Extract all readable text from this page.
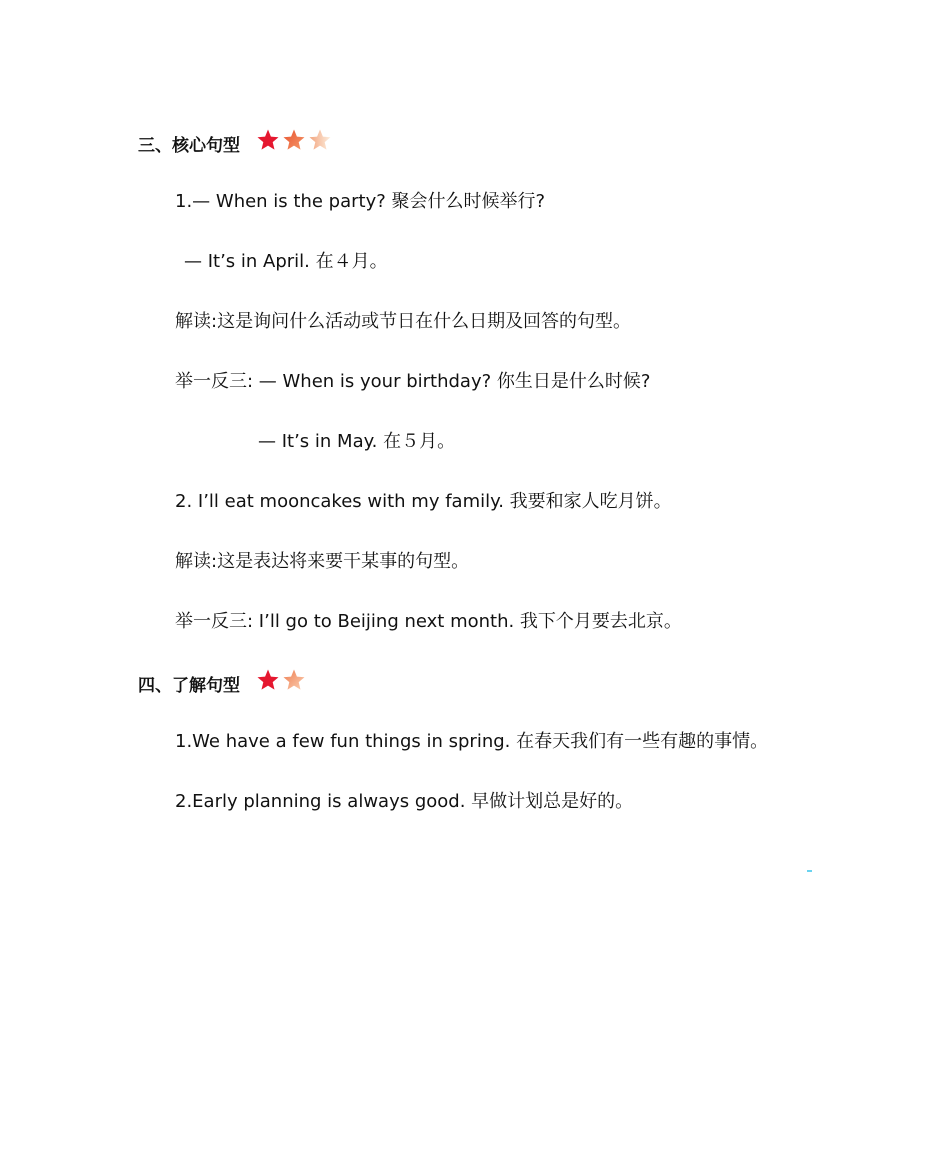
三、核心句型
1.— When is the party? 聚会什么时候举行?
— It’s in April. 在４月。
解读:这是询问什么活动或节日在什么日期及回答的句型。
举一反三: — When is your birthday? 你生日是什么时候?
— It’s in May. 在５月。
2. I’ll eat mooncakes with my family. 我要和家人吃月饼。
解读:这是表达将来要干某事的句型。
举一反三: I’ll go to Beijing next month. 我下个月要去北京。
四、了解句型
1.We have a few fun things in spring. 在春天我们有一些有趣的事情。
2.Early planning is always good. 早做计划总是好的。
